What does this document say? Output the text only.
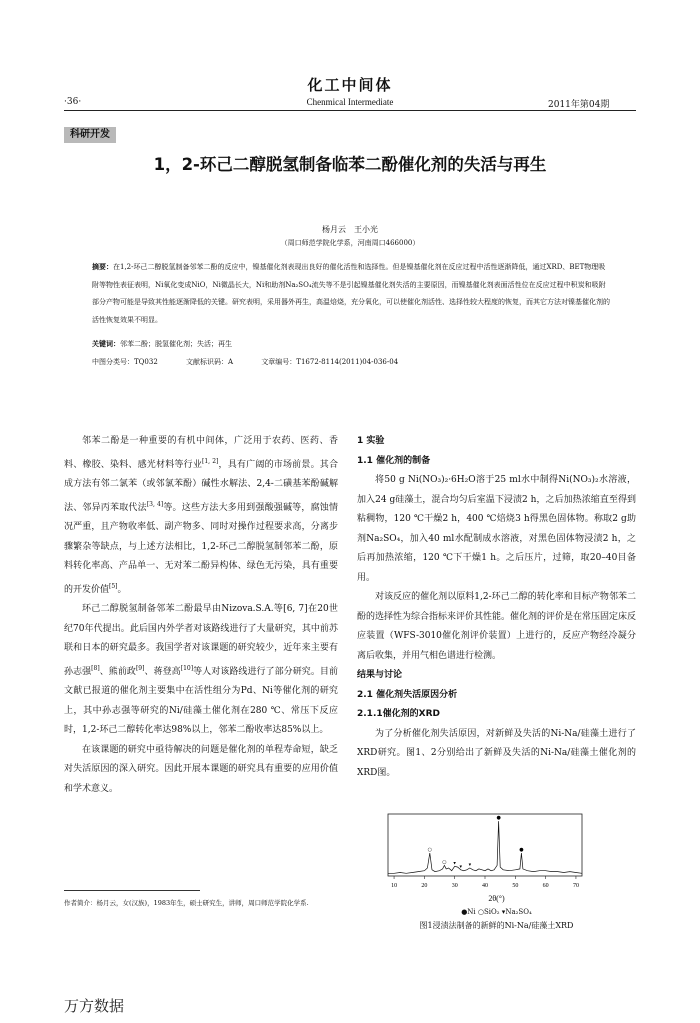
化工中间体
·36·	Chenmical Intermediate	2011年第04期
科研开发
1，2-环己二醇脱氢制备临苯二酚催化剂的失活与再生
杨月云　王小光
（周口师范学院化学系，河南周口466000）
摘要：在1,2-环己二醇脱氢制备邻苯二酚的反应中，镍基催化剂表现出良好的催化活性和选择性。但是镍基催化剂在反应过程中活性逐渐降低，通过XRD、BET物理吸附等物性表征表明，Ni氧化变成NiO，Ni微晶长大，Ni和助剂Na₂SO₄流失等不是引起镍基催化剂失活的主要原因，而镍基催化剂表面活性位在反应过程中积炭和吸附部分产物可能是导致其性能逐渐降低的关键。研究表明，采用器外再生，高温焙烧，充分氧化，可以使催化剂活性、选择性较大程度的恢复，而其它方法对镍基催化剂的活性恢复效果不明显。
关键词：邻苯二酚；脱氢催化剂；失活；再生
中图分类号：TQ032	文献标识码：A	文章编号：T1672-8114(2011)04-036-04

邻苯二酚是一种重要的有机中间体，广泛用于农药、医药、香料、橡胶、染料、感光材料等行业[1, 2]，具有广阔的市场前景。其合成方法有邻二氯苯（或邻氯苯酚）碱性水解法、2,4-二磺基苯酚碱解法、邻异丙苯取代法[3, 4]等。这些方法大多用到强酸强碱等，腐蚀情况严重，且产物收率低、副产物多、同时对操作过程要求高，分离步骤繁杂等缺点，与上述方法相比，1,2-环己二醇脱氢制邻苯二酚，原料转化率高、产品单一、无对苯二酚异构体、绿色无污染，具有重要的开发价值[5]。

环己二醇脱氢制备邻苯二酚最早由Nizova.S.A.等[6, 7]在20世纪70年代提出。此后国内外学者对该路线进行了大量研究，其中前苏联和日本的研究最多。我国学者对该课题的研究较少，近年来主要有孙志强[8]、熊前政[9]、蒋登高[10]等人对该路线进行了部分研究。目前文献已报道的催化剂主要集中在活性组分为Pd、Ni等催化剂的研究上，其中孙志强等研究的Ni/硅藻土催化剂在280 ℃、常压下反应时，1,2-环己二醇转化率达98%以上，邻苯二酚收率达85%以上。

在该课题的研究中亟待解决的问题是催化剂的单程寿命短，缺乏对失活原因的深入研究。因此开展本课题的研究具有重要的应用价值和学术意义。

1 实验
1.1 催化剂的制备

将50 g Ni(NO₃)₂·6H₂O溶于25 ml水中制得Ni(NO₃)₂水溶液，加入24 g硅藻土，混合均匀后室温下浸渍2 h，之后加热浓缩直至得到粘稠物，120 ℃干燥2 h，400 ℃焙烧3 h得黑色固体物。称取2 g助剂Na₂SO₄，加入40 ml水配制成水溶液，对黑色固体物浸渍2 h，之后再加热浓缩，120 ℃下干燥1 h。之后压片，过筛，取20–40目备用。

对该反应的催化剂以原料1,2-环己二醇的转化率和目标产物邻苯二酚的选择性为综合指标来评价其性能。催化剂的评价是在常压固定床反应装置（WFS-3010催化剂评价装置）上进行的，反应产物经冷凝分离后收集，并用气相色谱进行检测。

结果与讨论
2.1 催化剂失活原因分析
2.1.1催化剂的XRD

为了分析催化剂失活原因，对新鲜及失活的Ni-Na/硅藻土进行了XRD研究。图1、2分别给出了新鲜及失活的Ni-Na/硅藻土催化剂的XRD图。

10	20	30	40	50	60	70
●
●
○
○ ▾
▾ ▾
2θ(°)
●Ni ○SiO₂ ▾Na₂SO₄
图1浸渍法制备的新鲜的Ni-Na/硅藻土XRD
作者简介：杨月云，女(汉族)，1983年生，硕士研究生，讲师，周口师范学院化学系.
万方数据
